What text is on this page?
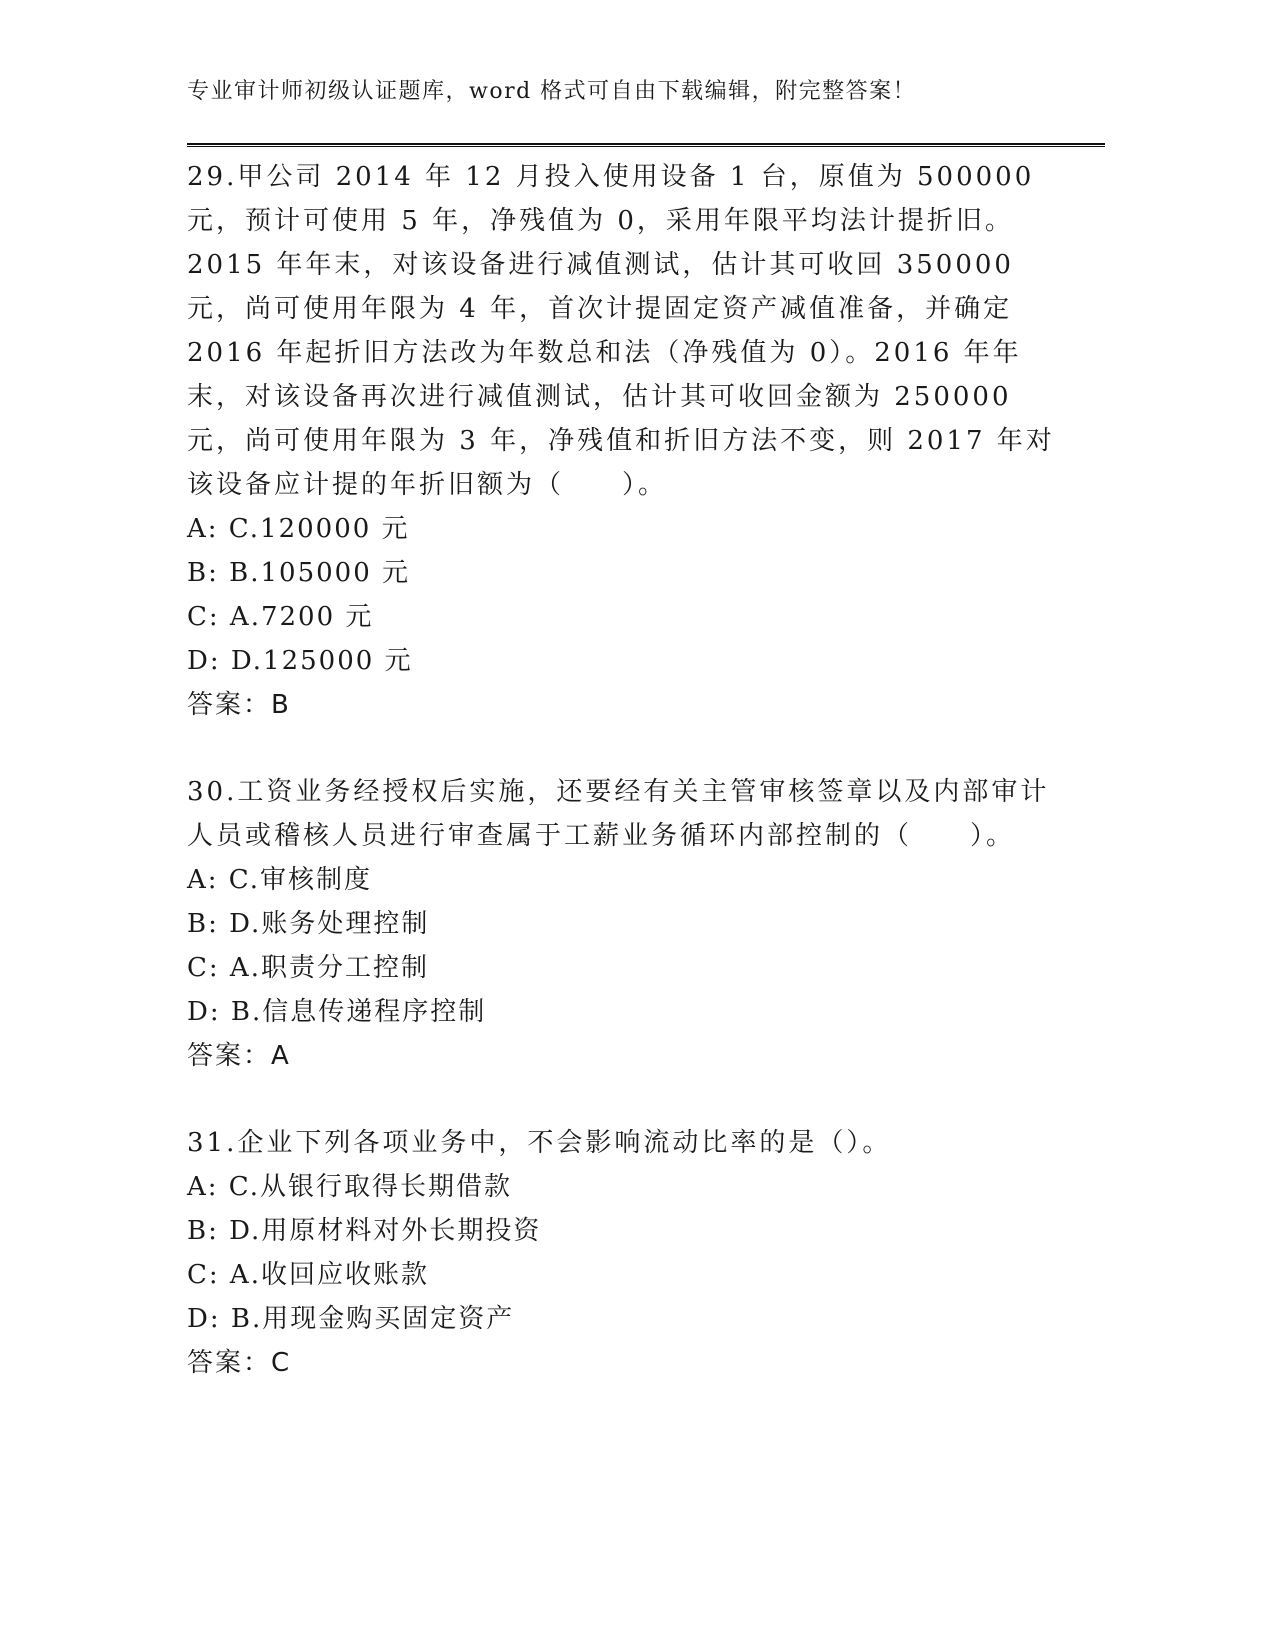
专业审计师初级认证题库，word 格式可自由下载编辑，附完整答案！

29.甲公司 2014 年 12 月投入使用设备 1 台，原值为 500000 元，预计可使用 5 年，净残值为 0，采用年限平均法计提折旧。2015 年年末，对该设备进行减值测试，估计其可收回 350000 元，尚可使用年限为 4 年，首次计提固定资产减值准备，并确定 2016 年起折旧方法改为年数总和法（净残值为 0）。2016 年年末，对该设备再次进行减值测试，估计其可收回金额为 250000 元，尚可使用年限为 3 年，净残值和折旧方法不变，则 2017 年对该设备应计提的年折旧额为（　　）。

A: C.120000 元

B: B.105000 元

C: A.7200 元

D: D.125000 元

答案：B

30.工资业务经授权后实施，还要经有关主管审核签章以及内部审计人员或稽核人员进行审查属于工薪业务循环内部控制的（　　）。

A: C.审核制度

B: D.账务处理控制

C: A.职责分工控制

D: B.信息传递程序控制

答案：A

31.企业下列各项业务中，不会影响流动比率的是（）。

A: C.从银行取得长期借款

B: D.用原材料对外长期投资

C: A.收回应收账款

D: B.用现金购买固定资产

答案：C
